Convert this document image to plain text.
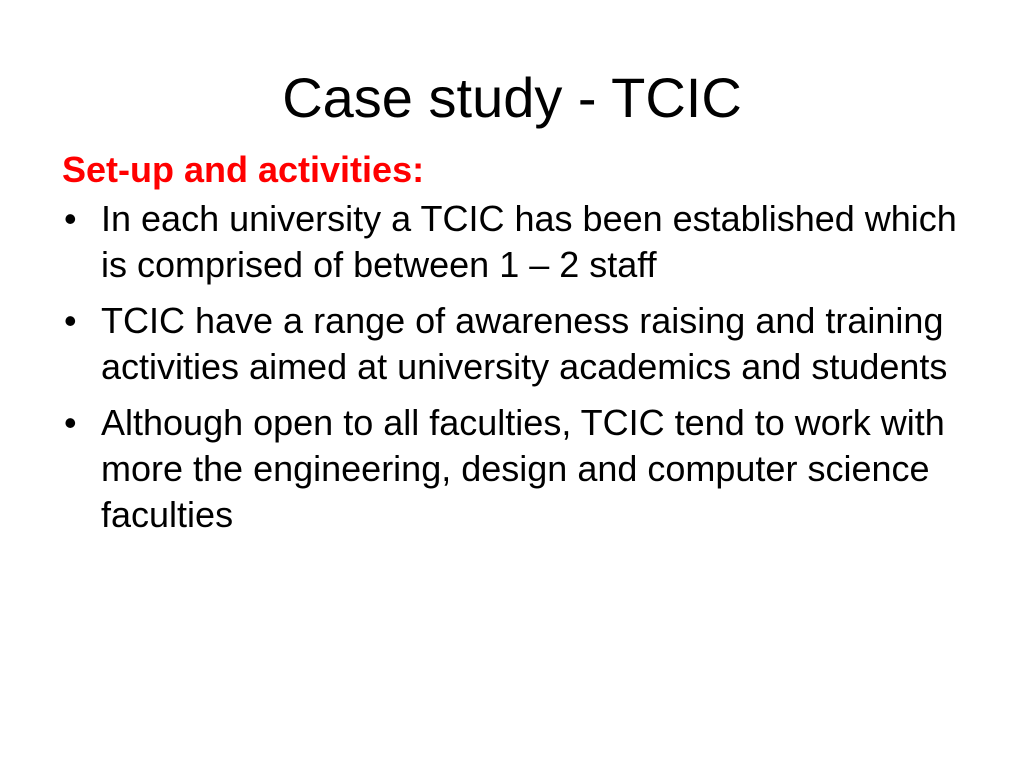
Case study - TCIC
Set-up and activities:
• In each university a TCIC has been established which is comprised of between 1 – 2 staff
• TCIC have a range of awareness raising and training activities aimed at university academics and students
• Although open to all faculties, TCIC tend to work with more the engineering, design and computer science faculties
